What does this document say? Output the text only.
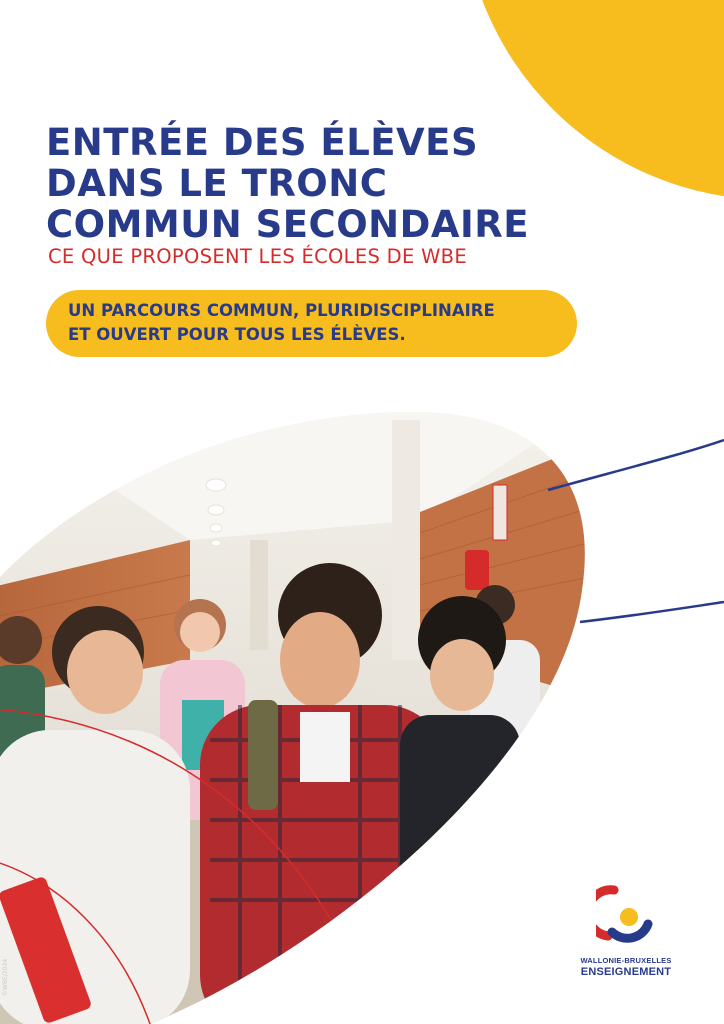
ENTRÉE DES ÉLÈVES
DANS LE TRONC
COMMUN SECONDAIRE
CE QUE PROPOSENT LES ÉCOLES DE WBE
UN PARCOURS COMMUN, PLURIDISCIPLINAIRE
ET OUVERT POUR TOUS LES ÉLÈVES.
©WBE/2024	WALLONIE-BRUXELLES
ENSEIGNEMENT
